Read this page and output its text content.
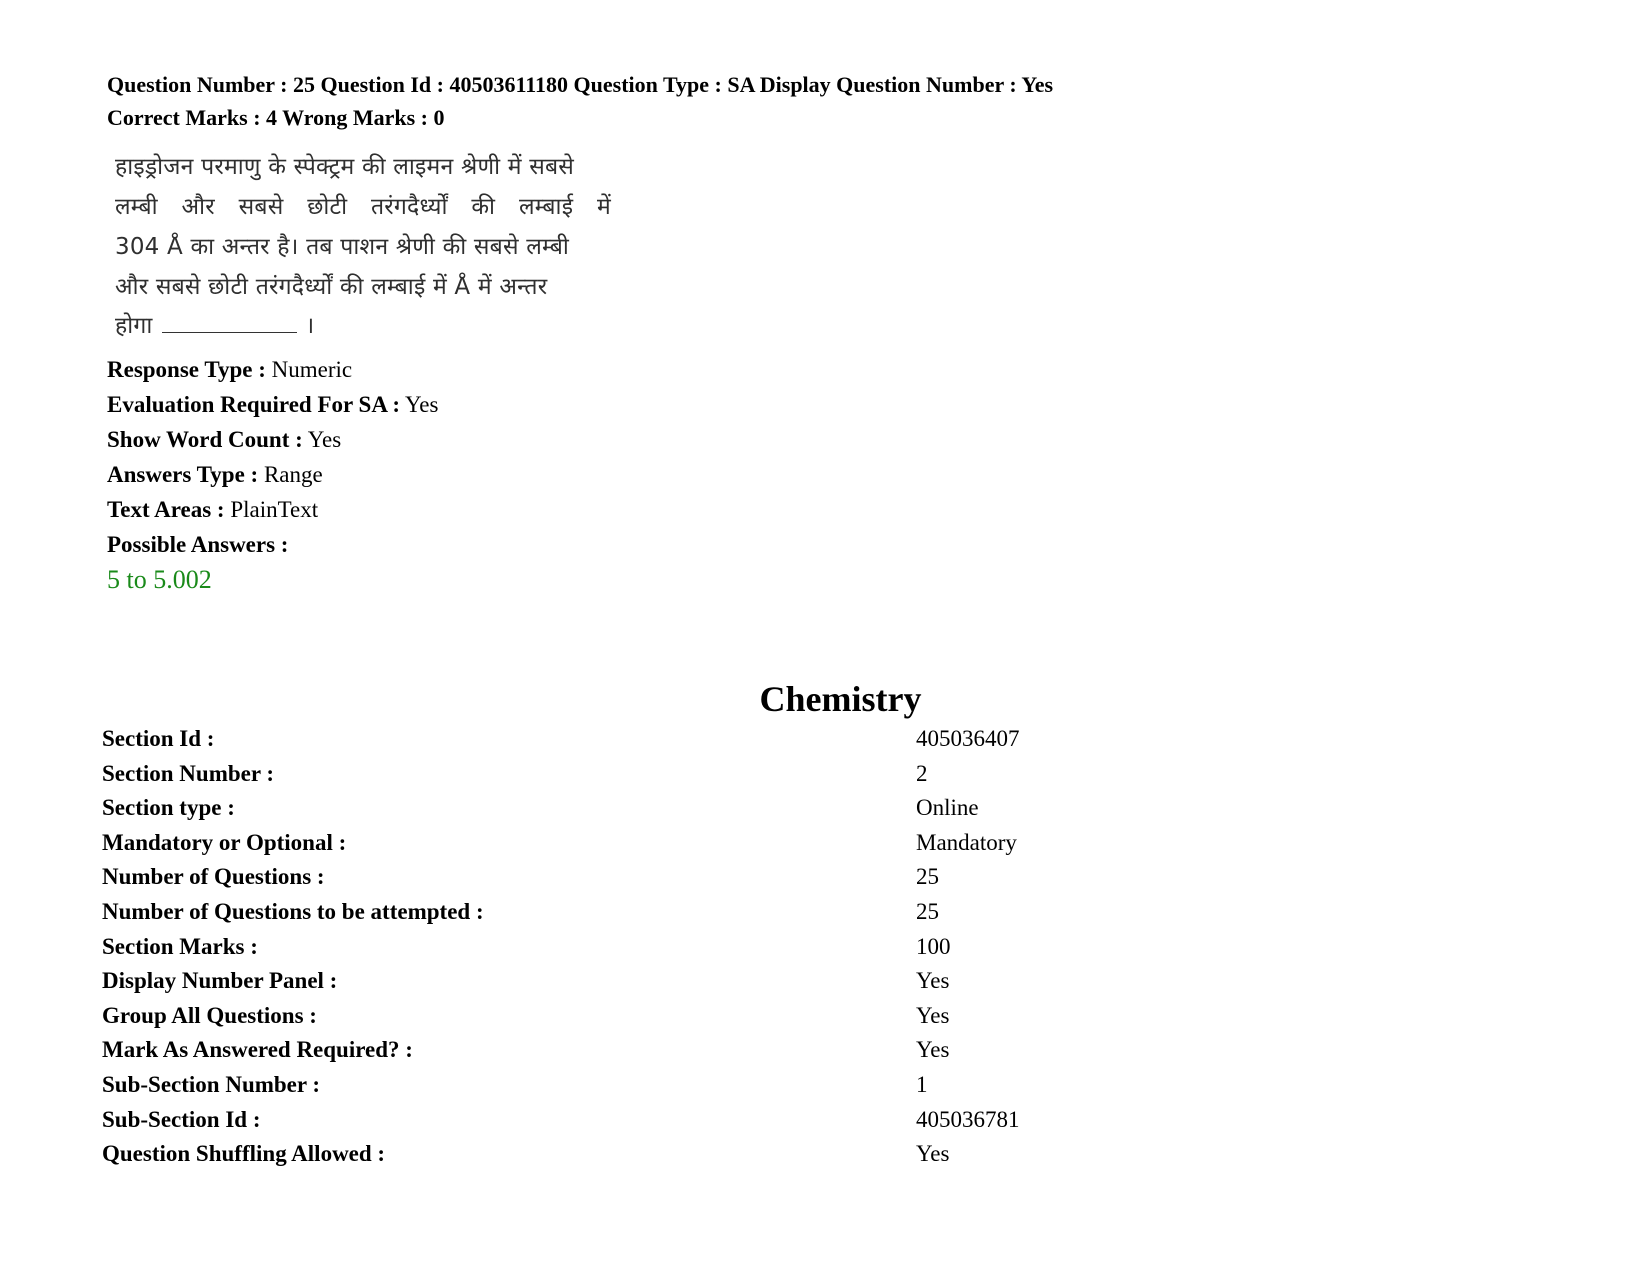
Question Number : 25 Question Id : 40503611180 Question Type : SA Display Question Number : Yes
Correct Marks : 4 Wrong Marks : 0
हाइड्रोजन परमाणु के स्पेक्ट्रम की लाइमन श्रेणी में सबसे
लम्बी और सबसे छोटी तरंगदैर्ध्यों की लम्बाई में
304 Å का अन्तर है। तब पाशन श्रेणी की सबसे लम्बी
और सबसे छोटी तरंगदैर्ध्यों की लम्बाई में Å में अन्तर
होगा	।
Response Type : Numeric
Evaluation Required For SA : Yes
Show Word Count : Yes
Answers Type : Range
Text Areas : PlainText
Possible Answers :
5 to 5.002
Chemistry
Section Id :	405036407
Section Number :	2
Section type :	Online
Mandatory or Optional :	Mandatory
Number of Questions :	25
Number of Questions to be attempted :	25
Section Marks :	100
Display Number Panel :	Yes
Group All Questions :	Yes
Mark As Answered Required? :	Yes
Sub-Section Number :	1
Sub-Section Id :	405036781
Question Shuffling Allowed :	Yes
